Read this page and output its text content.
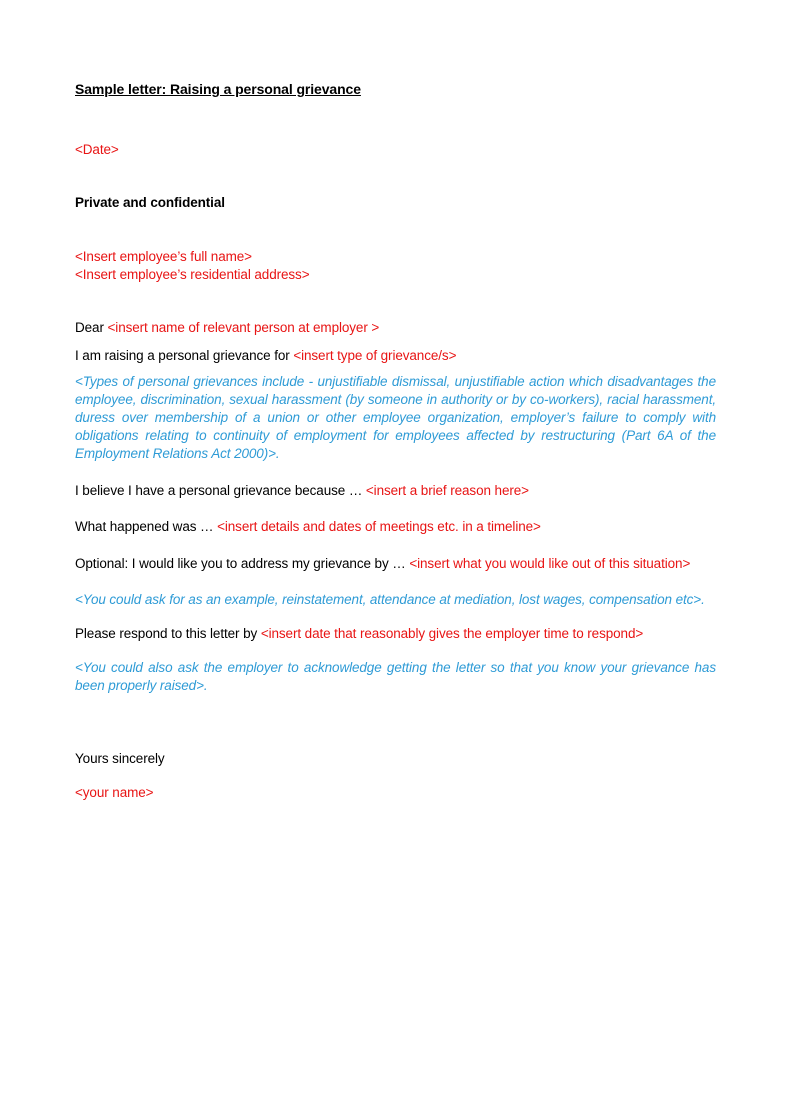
Sample letter: Raising a personal grievance

<Date>

Private and confidential

<Insert employee’s full name>

<Insert employee’s residential address>

Dear <insert name of relevant person at employer >

I am raising a personal grievance for <insert type of grievance/s>

<Types of personal grievances include - unjustifiable dismissal, unjustifiable action which disadvantages the employee, discrimination, sexual harassment (by someone in authority or by co-workers), racial harassment, duress over membership of a union or other employee organization, employer’s failure to comply with obligations relating to continuity of employment for employees affected by restructuring (Part 6A of the Employment Relations Act 2000)>.

I believe I have a personal grievance because … <insert a brief reason here>

What happened was … <insert details and dates of meetings etc. in a timeline>

Optional: I would like you to address my grievance by … <insert what you would like out of this situation>

<You could ask for as an example, reinstatement, attendance at mediation, lost wages, compensation etc>.

Please respond to this letter by <insert date that reasonably gives the employer time to respond>

<You could also ask the employer to acknowledge getting the letter so that you know your grievance has been properly raised>.

Yours sincerely

<your name>
